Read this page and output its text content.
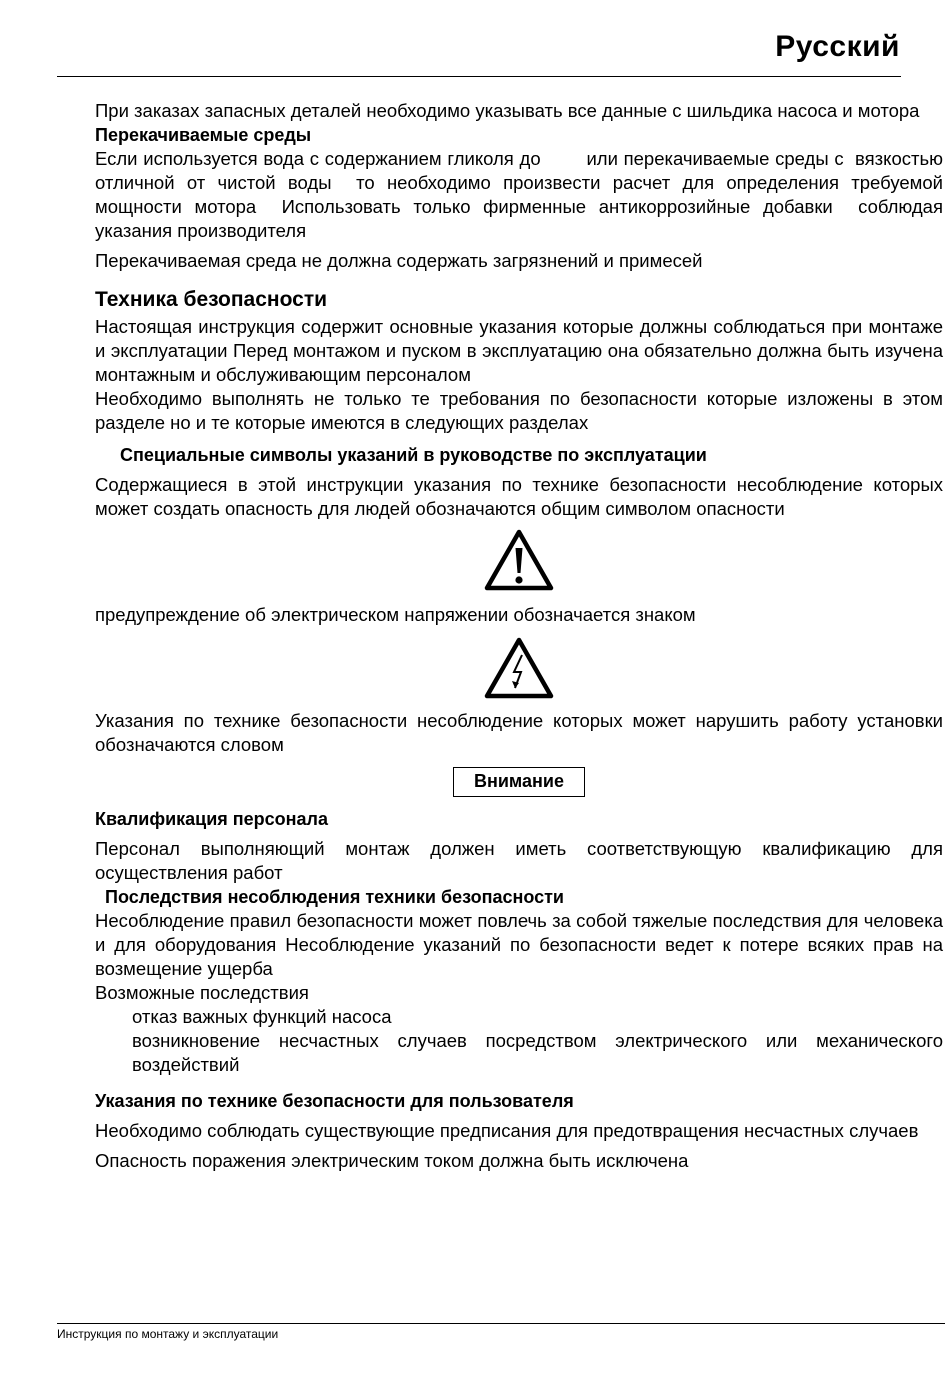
Русский

При заказах запасных деталей необходимо указывать все данные с шильдика насоса и мотора

Перекачиваемые среды

Если используется вода с содержанием гликоля до        или перекачиваемые среды с  вязкостью отличной от чистой воды  то необходимо произвести расчет для определения требуемой мощности мотора  Использовать только фирменные антикоррозийные добавки  соблюдая указания производителя

Перекачиваемая среда не должна содержать загрязнений и примесей

Техника безопасности

Настоящая инструкция содержит основные указания которые должны соблюдаться при монтаже и эксплуатации Перед монтажом и пуском в эксплуатацию она обязательно должна быть изучена монтажным и обслуживающим персоналом

Необходимо выполнять не только те требования по безопасности которые изложены в этом разделе но и те которые имеются в следующих разделах

Специальные символы указаний в руководстве по эксплуатации

Содержащиеся в этой инструкции указания по технике безопасности несоблюдение которых может создать опасность для людей обозначаются общим символом опасности

предупреждение об электрическом напряжении обозначается знаком

Указания по технике безопасности несоблюдение которых может нарушить работу установки обозначаются словом

Внимание

Квалификация персонала

Персонал выполняющий монтаж должен иметь соответствующую квалификацию для осуществления работ

Последствия несоблюдения техники безопасности

Несоблюдение правил безопасности может повлечь за собой тяжелые последствия для человека и для оборудования Несоблюдение указаний по безопасности ведет к потере всяких прав на возмещение ущерба

Возможные последствия

отказ важных функций насоса

возникновение несчастных случаев посредством электрического или механического воздействий

Указания по технике безопасности для пользователя

Необходимо соблюдать существующие предписания для предотвращения несчастных случаев

Опасность поражения электрическим током должна быть исключена

Инструкция по монтажу и эксплуатации
